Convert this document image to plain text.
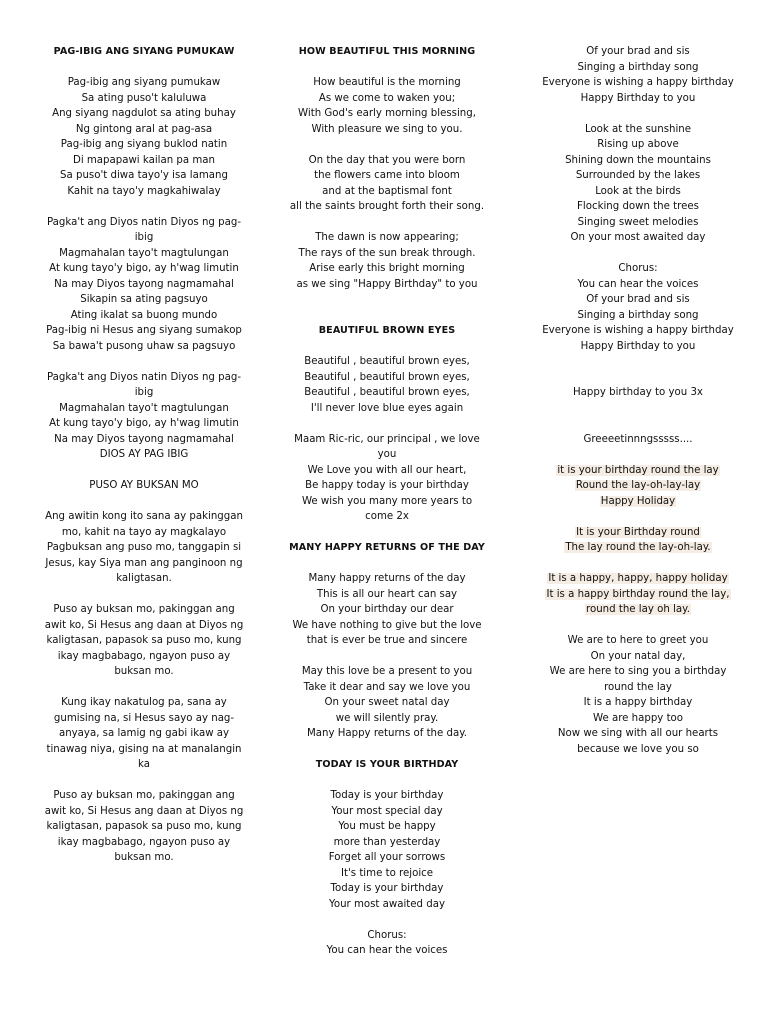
PAG-IBIG ANG SIYANG PUMUKAW
Pag-ibig ang siyang pumukaw
Sa ating puso't kaluluwa
Ang siyang nagdulot sa ating buhay
Ng gintong aral at pag-asa
Pag-ibig ang siyang buklod natin
Di mapapawi kailan pa man
Sa puso't diwa tayo'y isa lamang
Kahit na tayo'y magkahiwalay
Pagka't ang Diyos natin Diyos ng pag-
ibig
Magmahalan tayo't magtulungan
At kung tayo'y bigo, ay h'wag limutin
Na may Diyos tayong nagmamahal
Sikapin sa ating pagsuyo
Ating ikalat sa buong mundo
Pag-ibig ni Hesus ang siyang sumakop
Sa bawa't pusong uhaw sa pagsuyo
Pagka't ang Diyos natin Diyos ng pag-
ibig
Magmahalan tayo't magtulungan
At kung tayo'y bigo, ay h'wag limutin
Na may Diyos tayong nagmamahal
DIOS AY PAG IBIG
PUSO AY BUKSAN MO
Ang awitin kong ito sana ay pakinggan
mo, kahit na tayo ay magkalayo
Pagbuksan ang puso mo, tanggapin si
Jesus, kay Siya man ang panginoon ng
kaligtasan.
Puso ay buksan mo, pakinggan ang
awit ko, Si Hesus ang daan at Diyos ng
kaligtasan, papasok sa puso mo, kung
ikay magbabago, ngayon puso ay
buksan mo.
Kung ikay nakatulog pa, sana ay
gumising na, si Hesus sayo ay nag-
anyaya, sa lamig ng gabi ikaw ay
tinawag niya, gising na at manalangin
ka
Puso ay buksan mo, pakinggan ang
awit ko, Si Hesus ang daan at Diyos ng
kaligtasan, papasok sa puso mo, kung
ikay magbabago, ngayon puso ay
buksan mo.
HOW BEAUTIFUL THIS MORNING
How beautiful is the morning
As we come to waken you;
With God's early morning blessing,
With pleasure we sing to you.
On the day that you were born
the flowers came into bloom
and at the baptismal font
all the saints brought forth their song.
The dawn is now appearing;
The rays of the sun break through.
Arise early this bright morning
as we sing "Happy Birthday" to you
BEAUTIFUL BROWN EYES
Beautiful , beautiful brown eyes,
Beautiful , beautiful brown eyes,
Beautiful , beautiful brown eyes,
I'll never love blue eyes again
Maam Ric-ric, our principal , we love
you
We Love you with all our heart,
Be happy today is your birthday
We wish you many more years to
come 2x
MANY HAPPY RETURNS OF THE DAY
Many happy returns of the day
This is all our heart can say
On your birthday our dear
We have nothing to give but the love
that is ever be true and sincere
May this love be a present to you
Take it dear and say we love you
On your sweet natal day
we will silently pray.
Many Happy returns of the day.
TODAY IS YOUR BIRTHDAY
Today is your birthday
Your most special day
You must be happy
more than yesterday
Forget all your sorrows
It's time to rejoice
Today is your birthday
Your most awaited day
Chorus:
You can hear the voices
Of your brad and sis
Singing a birthday song
Everyone is wishing a happy birthday
Happy Birthday to you
Look at the sunshine
Rising up above
Shining down the mountains
Surrounded by the lakes
Look at the birds
Flocking down the trees
Singing sweet melodies
On your most awaited day
Chorus:
You can hear the voices
Of your brad and sis
Singing a birthday song
Everyone is wishing a happy birthday
Happy Birthday to you
Happy birthday to you 3x
Greeeetinnngsssss....
it is your birthday round the lay
Round the lay-oh-lay-lay
Happy Holiday
It is your Birthday round
The lay round the lay-oh-lay.
It is a happy, happy, happy holiday
It is a happy birthday round the lay,
round the lay oh lay.
We are to here to greet you
On your natal day,
We are here to sing you a birthday
round the lay
It is a happy birthday
We are happy too
Now we sing with all our hearts
because we love you so
